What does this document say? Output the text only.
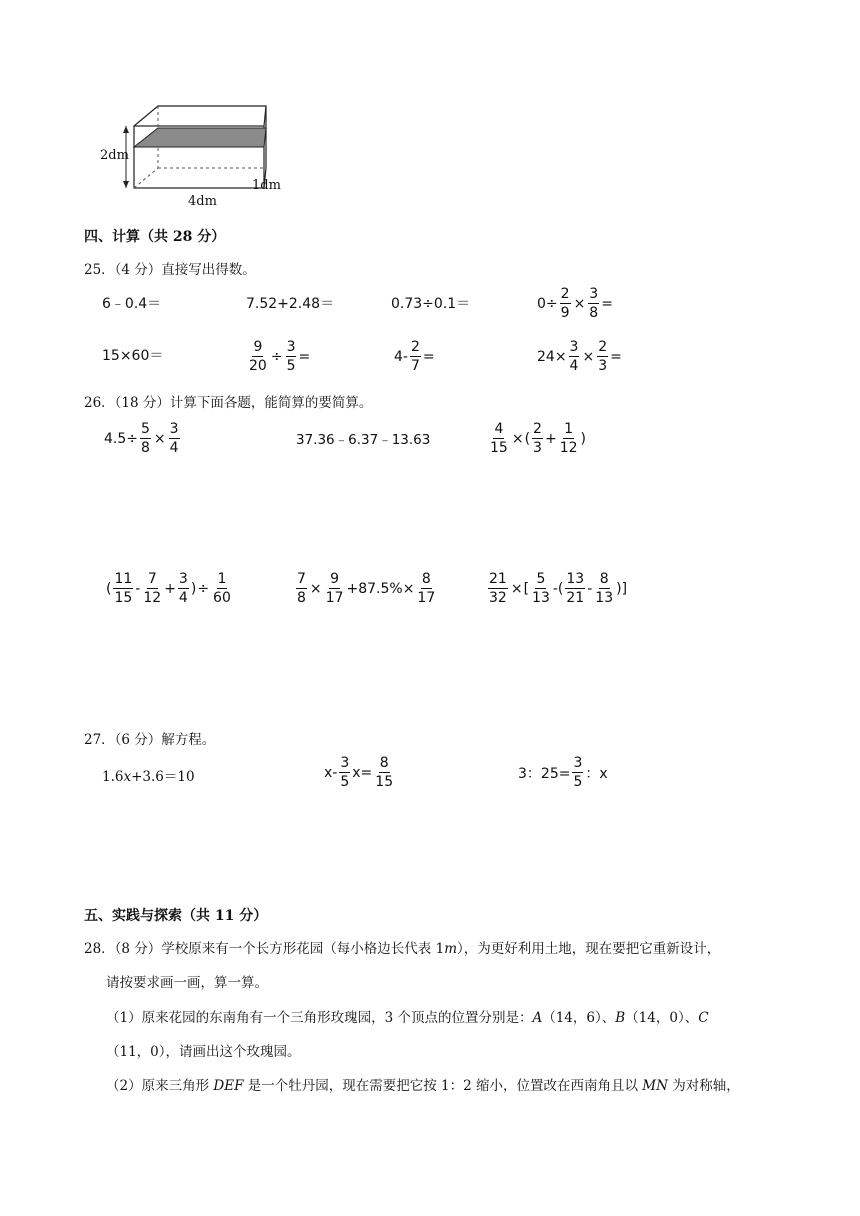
2dm
4dm
1dm
四、计算（共 28 分）
25．（4 分）直接写出得数。
6﹣0.4＝	7.52+2.48＝	0.73÷0.1＝	$0\div \frac{2}{9} \times \frac{3}{8}$ =
15×60＝	$\frac{9}{20} \div \frac{3}{5}$ =	$4- \frac{2}{7}$ =	$24\times \frac{3}{4} \times \frac{2}{3}$ =
26．（18 分）计算下面各题，能简算的要简算。
$4.5\div \frac{5}{8} \times \frac{3}{4}$	37.36﹣6.37﹣13.63	$\frac{4}{15}$ × ( $\frac{2}{3} + \frac{1}{12}$ )
( $\frac{11}{15} - \frac{7}{12} + \frac{3}{4}$ ) ÷ $\frac{1}{60}$	$\frac{7}{8} \times \frac{9}{17} +87.5\%\times \frac{8}{17}$	$\frac{21}{32}$ × [ $\frac{5}{13}$ - ( $\frac{13}{21} - \frac{8}{13}$ ) ]
27．（6 分）解方程。
1.6x+3.6＝10	$x- \frac{3}{5} x= \frac{8}{15}$	3：$25= \frac{3}{5}$ ：x
五、实践与探索（共 11 分）
28．（8 分）学校原来有一个长方形花园（每小格边长代表 1m），为更好利用土地，现在要把它重新设计，
请按要求画一画，算一算。
（1）原来花园的东南角有一个三角形玫瑰园，3 个顶点的位置分别是：A（14，6）、B（14，0）、C
（11，0），请画出这个玫瑰园。
（2）原来三角形 DEF 是一个牡丹园，现在需要把它按 1：2 缩小，位置改在西南角且以 MN 为对称轴，
